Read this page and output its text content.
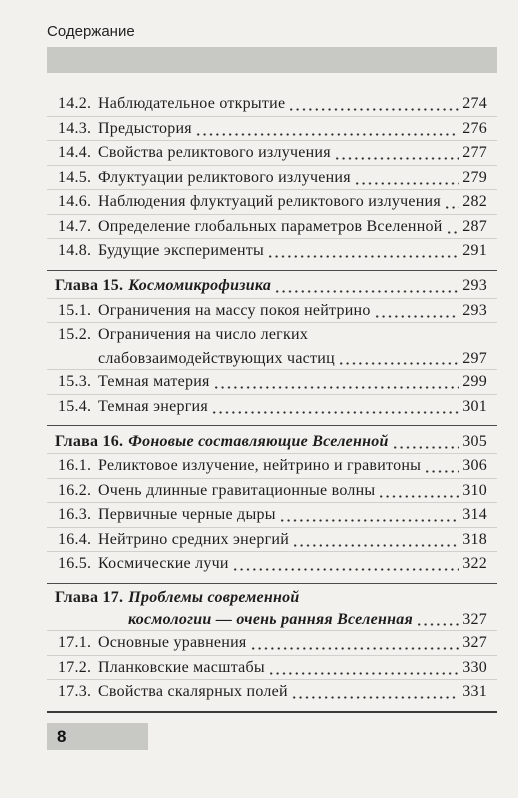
Содержание
14.2. Наблюдательное открытие	274
14.3. Предыстория	276
14.4. Свойства реликтового излучения	277
14.5. Флуктуации реликтового излучения	279
14.6. Наблюдения флуктуаций реликтового излучения 282
14.7. Определение глобальных параметров Вселенной 287
14.8. Будущие эксперименты	291
Глава 15. Космомикрофизика	293
15.1. Ограничения на массу покоя нейтрино	293
15.2. Ограничения на число легких
слабовзаимодействующих частиц	297
15.3. Темная материя	299
15.4. Темная энергия	301
Глава 16. Фоновые составляющие Вселенной	305
16.1. Реликтовое излучение, нейтрино и гравитоны	306
16.2. Очень длинные гравитационные волны	310
16.3. Первичные черные дыры	314
16.4. Нейтрино средних энергий	318
16.5. Космические лучи	322
Глава 17. Проблемы современной
космологии — очень ранняя Вселенная	327
17.1. Основные уравнения	327
17.2. Планковские масштабы	330
17.3. Свойства скалярных полей	331
8
